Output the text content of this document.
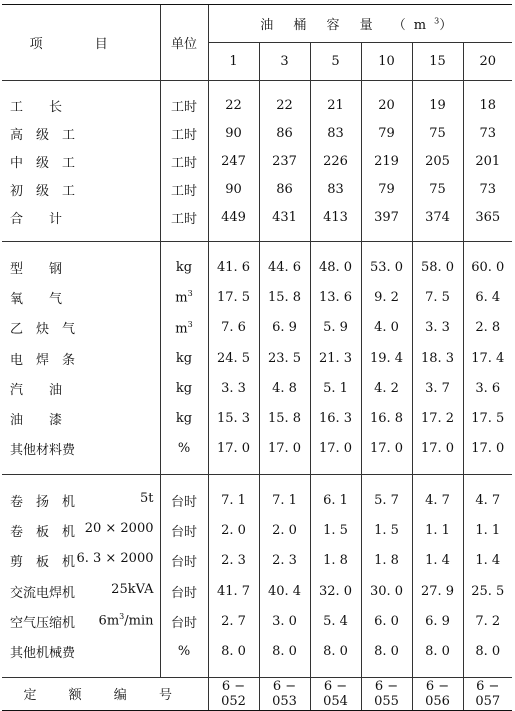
项 目	单位	油 桶 容 量 $(m^3)$					
		1	3	5	10	15	20
工　　长	工时	22	22	21	20	19	18
高　级　工	工时	90	86	83	79	75	73
中　级　工	工时	247	237	226	219	205	201
初　级　工	工时	90	86	83	79	75	73
合　　计	工时	449	431	413	397	374	365
型　　钢	kg	41. 6	44. 6	48. 0	53. 0	58. 0	60. 0
氧　　气	$m^3$	17. 5	15. 8	13. 6	9. 2	7. 5	6. 4
乙　炔　气	$m^3$	7. 6	6. 9	5. 9	4. 0	3. 3	2. 8
电　焊　条	kg	24. 5	23. 5	21. 3	19. 4	18. 3	17. 4
汽　　油	kg	3. 3	4. 8	5. 1	4. 2	3. 7	3. 6
油　　漆	kg	15. 3	15. 8	16. 3	16. 8	17. 2	17. 5
其他材料费	%	17. 0	17. 0	17. 0	17. 0	17. 0	17. 0
卷　扬　机 5t	台时	7. 1	7. 1	6. 1	5. 7	4. 7	4. 7
卷　板　机 20 × 2000	台时	2. 0	2. 0	1. 5	1. 5	1. 1	1. 1
剪　板　机 6. 3 × 2000	台时	2. 3	2. 3	1. 8	1. 8	1. 4	1. 4
交流电焊机 25kVA	台时	41. 7	40. 4	32. 0	30. 0	27. 9	25. 5
空气压缩机 $6m^3/\min$	台时	2. 7	3. 0	5. 4	6. 0	6. 9	7. 2
其他机械费	%	8. 0	8. 0	8. 0	8. 0	8. 0	8. 0
定 额 编 号		6 − 052	6 − 053	6 − 054	6 − 055	6 − 056	6 − 057
